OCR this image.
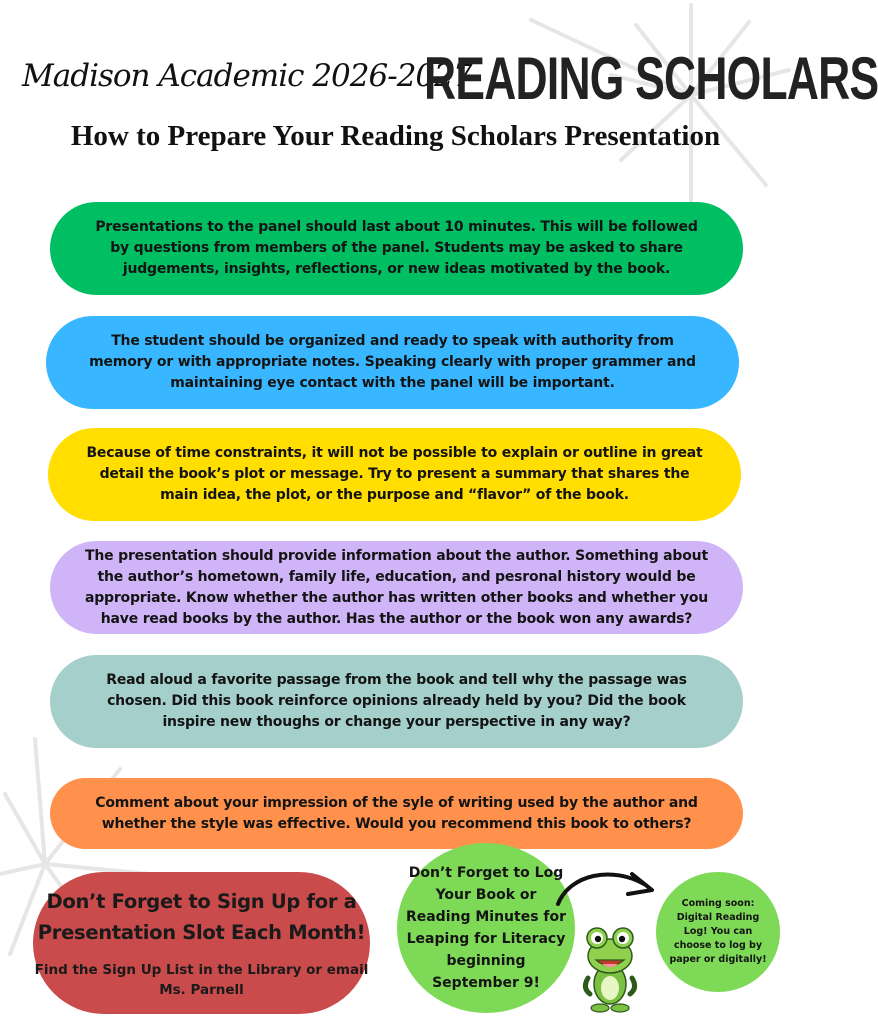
Madison Academic 2026-2027
READING SCHOLARS
How to Prepare Your Reading Scholars Presentation
Presentations to the panel should last about 10 minutes. This will be followed by questions from members of the panel. Students may be asked to share judgements, insights, reflections, or new ideas motivated by the book.
The student should be organized and ready to speak with authority from memory or with appropriate notes. Speaking clearly with proper grammer and maintaining eye contact with the panel will be important.
Because of time constraints, it will not be possible to explain or outline in great detail the book’s plot or message. Try to present a summary that shares the main idea, the plot, or the purpose and “flavor” of the book.
The presentation should provide information about the author. Something about the author’s hometown, family life, education, and pesronal history would be appropriate. Know whether the author has written other books and whether you have read books by the author. Has the author or the book won any awards?
Read aloud a favorite passage from the book and tell why the passage was chosen. Did this book reinforce opinions already held by you? Did the book inspire new thoughs or change your perspective in any way?
Comment about your impression of the syle of writing used by the author and whether the style was effective. Would you recommend this book to others?
Don’t Forget to Sign Up for a Presentation Slot Each Month!
Find the Sign Up List in the Library or email Ms. Parnell
Don’t Forget to Log Your Book or Reading Minutes for Leaping for Literacy beginning September 9!
Coming soon: Digital Reading Log! You can choose to log by paper or digitally!
